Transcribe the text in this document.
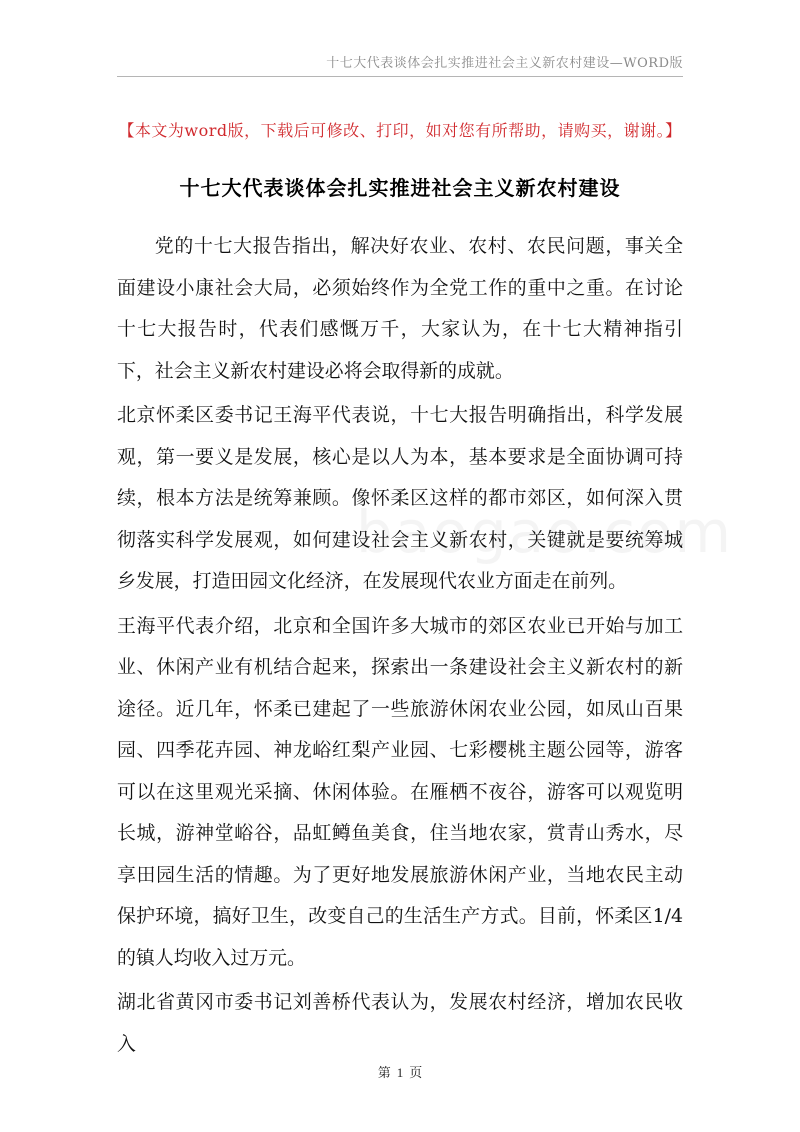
十七大代表谈体会扎实推进社会主义新农村建设—WORD版
【本文为word版，下载后可修改、打印，如对您有所帮助，请购买，谢谢。】
十七大代表谈体会扎实推进社会主义新农村建设

党的十七大报告指出，解决好农业、农村、农民问题，事关全面建设小康社会大局，必须始终作为全党工作的重中之重。在讨论十七大报告时，代表们感慨万千，大家认为，在十七大精神指引下，社会主义新农村建设必将会取得新的成就。

北京怀柔区委书记王海平代表说，十七大报告明确指出，科学发展观，第一要义是发展，核心是以人为本，基本要求是全面协调可持续，根本方法是统筹兼顾。像怀柔区这样的都市郊区，如何深入贯彻落实科学发展观，如何建设社会主义新农村，关键就是要统筹城乡发展，打造田园文化经济，在发展现代农业方面走在前列。

王海平代表介绍，北京和全国许多大城市的郊区农业已开始与加工业、休闲产业有机结合起来，探索出一条建设社会主义新农村的新途径。近几年，怀柔已建起了一些旅游休闲农业公园，如凤山百果园、四季花卉园、神龙峪红梨产业园、七彩樱桃主题公园等，游客可以在这里观光采摘、休闲体验。在雁栖不夜谷，游客可以观览明长城，游神堂峪谷，品虹鳟鱼美食，住当地农家，赏青山秀水，尽享田园生活的情趣。为了更好地发展旅游休闲产业，当地农民主动保护环境，搞好卫生，改变自己的生活生产方式。目前，怀柔区1/4的镇人均收入过万元。

湖北省黄冈市委书记刘善桥代表认为，发展农村经济，增加农民收入

第 1 页
